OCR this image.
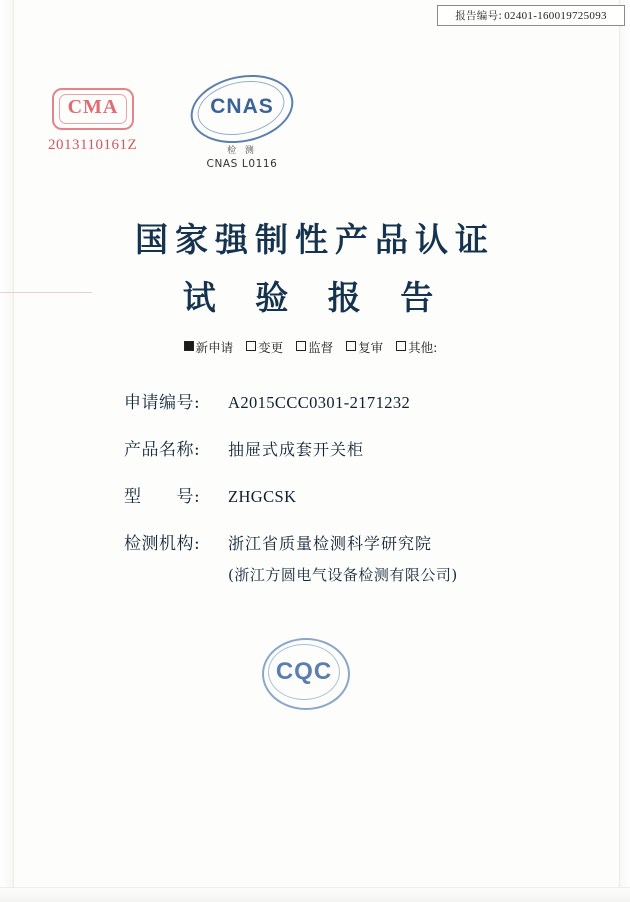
报告编号: 02401-160019725093
CMA
2013110161Z
CNAS
检 测
CNAS L0116
国家强制性产品认证
试 验 报 告
新申请 变更 监督 复审 其他:
申请编号:	A2015CCC0301-2171232
产品名称:	抽屉式成套开关柜
型　　号:	ZHGCSK
检测机构:	浙江省质量检测科学研究院
(浙江方圆电气设备检测有限公司)
CQC
